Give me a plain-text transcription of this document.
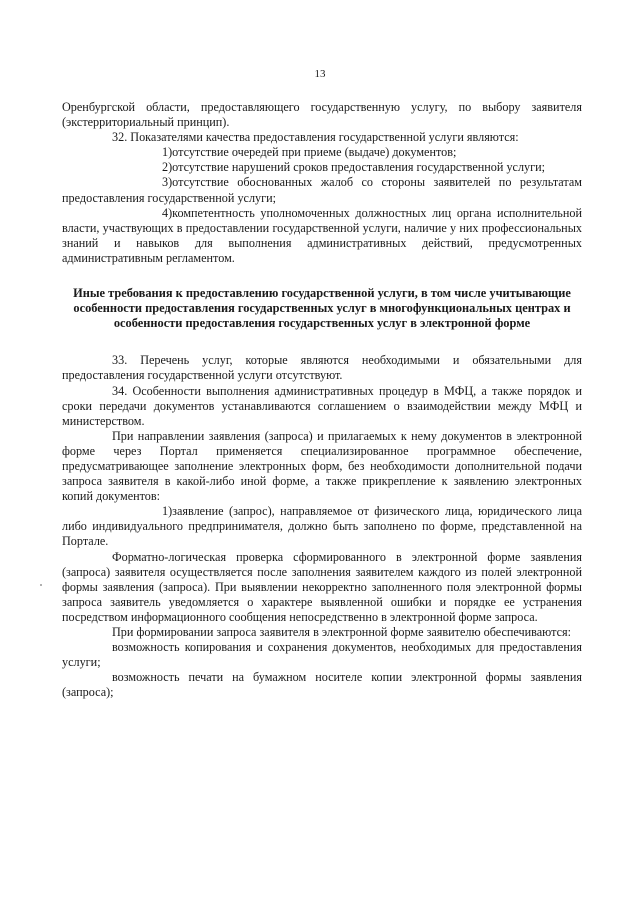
13

Оренбургской области, предоставляющего государственную услугу, по выбору заявителя (экстерриториальный принцип).

32. Показателями качества предоставления государственной услуги являются:

1)отсутствие очередей при приеме (выдаче) документов;

2)отсутствие нарушений сроков предоставления государственной услуги;

3)отсутствие обоснованных жалоб со стороны заявителей по результатам предоставления государственной услуги;

4)компетентность уполномоченных должностных лиц органа исполнительной власти, участвующих в предоставлении государственной услуги, наличие у них профессиональных знаний и навыков для выполнения административных действий, предусмотренных административным регламентом.

Иные требования к предоставлению государственной услуги, в том числе учитывающие особенности предоставления государственных услуг в многофункциональных центрах и особенности предоставления государственных услуг в электронной форме

33. Перечень услуг, которые являются необходимыми и обязательными для предоставления государственной услуги отсутствуют.

34. Особенности выполнения административных процедур в МФЦ, а также порядок и сроки передачи документов устанавливаются соглашением о взаимодействии между МФЦ и министерством.

При направлении заявления (запроса) и прилагаемых к нему документов в электронной форме через Портал применяется специализированное программное обеспечение, предусматривающее заполнение электронных форм, без необходимости дополнительной подачи запроса заявителя в какой-либо иной форме, а также прикрепление к заявлению электронных копий документов:

1)заявление (запрос), направляемое от физического лица, юридического лица либо индивидуального предпринимателя, должно быть заполнено по форме, представленной на Портале.

Форматно-логическая проверка сформированного в электронной форме заявления (запроса) заявителя осуществляется после заполнения заявителем каждого из полей электронной формы заявления (запроса). При выявлении некорректно заполненного поля электронной формы запроса заявитель уведомляется о характере выявленной ошибки и порядке ее устранения посредством информационного сообщения непосредственно в электронной форме запроса.

При формировании запроса заявителя в электронной форме заявителю обеспечиваются:

возможность копирования и сохранения документов, необходимых для предоставления услуги;

возможность печати на бумажном носителе копии электронной формы заявления (запроса);
